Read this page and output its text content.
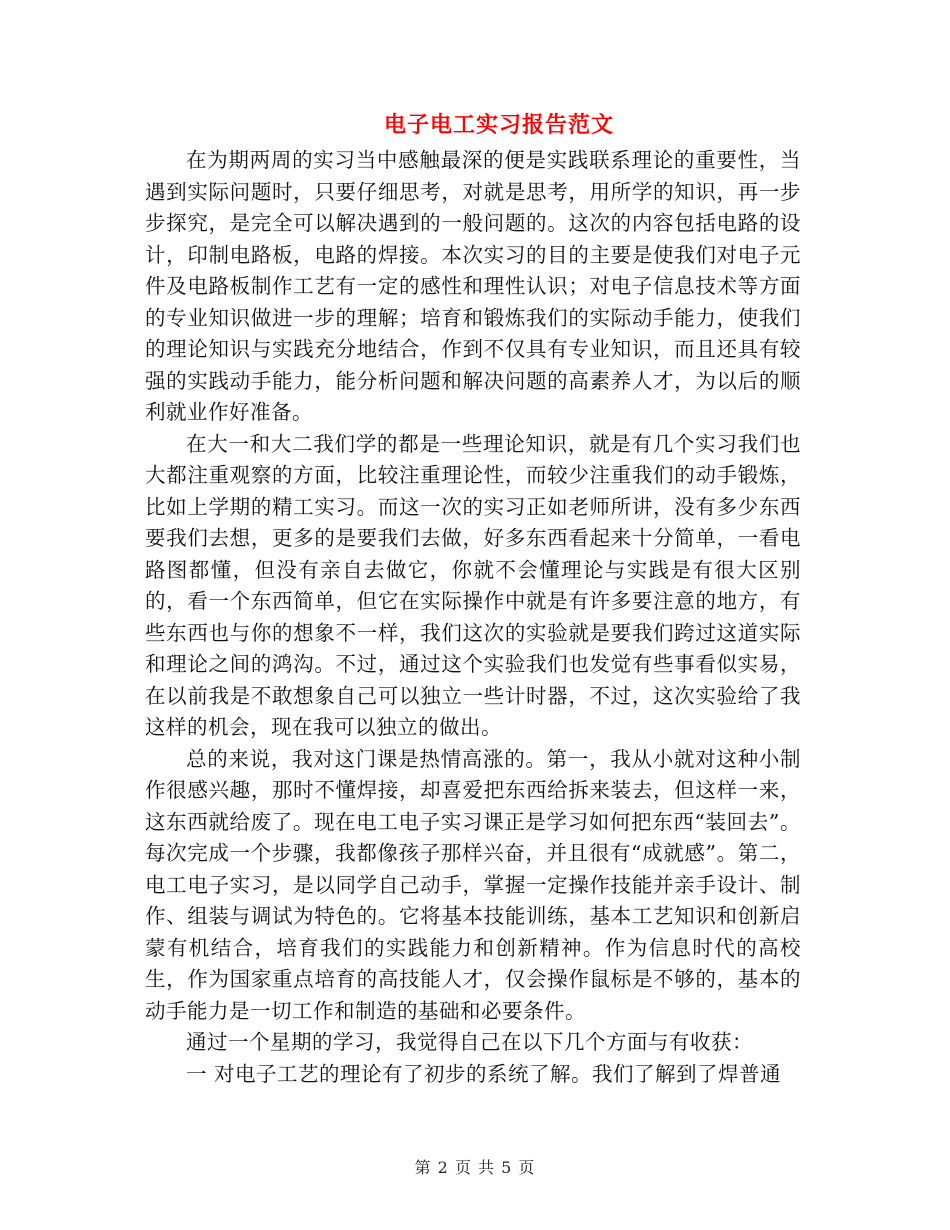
电子电工实习报告范文

在为期两周的实习当中感触最深的便是实践联系理论的重要性，当遇到实际问题时，只要仔细思考，对就是思考，用所学的知识，再一步步探究，是完全可以解决遇到的一般问题的。这次的内容包括电路的设计，印制电路板，电路的焊接。本次实习的目的主要是使我们对电子元件及电路板制作工艺有一定的感性和理性认识；对电子信息技术等方面的专业知识做进一步的理解；培育和锻炼我们的实际动手能力，使我们的理论知识与实践充分地结合，作到不仅具有专业知识，而且还具有较强的实践动手能力，能分析问题和解决问题的高素养人才，为以后的顺利就业作好准备。

在大一和大二我们学的都是一些理论知识，就是有几个实习我们也大都注重观察的方面，比较注重理论性，而较少注重我们的动手锻炼，比如上学期的精工实习。而这一次的实习正如老师所讲，没有多少东西要我们去想，更多的是要我们去做，好多东西看起来十分简单，一看电路图都懂，但没有亲自去做它，你就不会懂理论与实践是有很大区别的，看一个东西简单，但它在实际操作中就是有许多要注意的地方，有些东西也与你的想象不一样，我们这次的实验就是要我们跨过这道实际和理论之间的鸿沟。不过，通过这个实验我们也发觉有些事看似实易，在以前我是不敢想象自己可以独立一些计时器，不过，这次实验给了我这样的机会，现在我可以独立的做出。

总的来说，我对这门课是热情高涨的。第一，我从小就对这种小制作很感兴趣，那时不懂焊接，却喜爱把东西给拆来装去，但这样一来，这东西就给废了。现在电工电子实习课正是学习如何把东西“装回去”。每次完成一个步骤，我都像孩子那样兴奋，并且很有“成就感”。第二，电工电子实习，是以同学自己动手，掌握一定操作技能并亲手设计、制作、组装与调试为特色的。它将基本技能训练，基本工艺知识和创新启蒙有机结合，培育我们的实践能力和创新精神。作为信息时代的高校生，作为国家重点培育的高技能人才，仅会操作鼠标是不够的，基本的动手能力是一切工作和制造的基础和必要条件。

通过一个星期的学习，我觉得自己在以下几个方面与有收获：

一 对电子工艺的理论有了初步的系统了解。我们了解到了焊普通

第 2 页 共 5 页
